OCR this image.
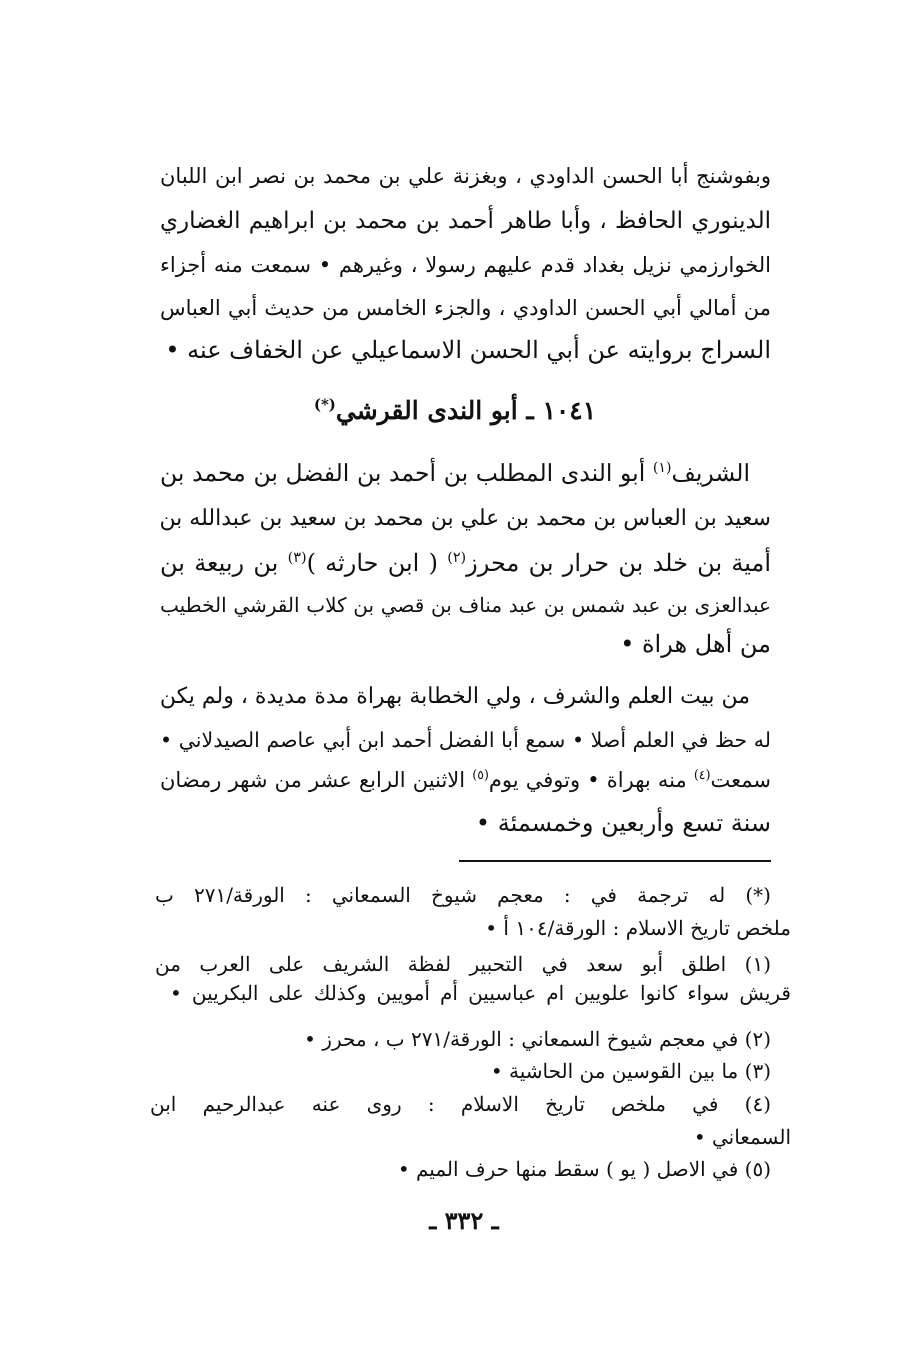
وبفوشنج أبا الحسن الداودي ، وبغزنة علي بن محمد بن نصر ابن اللبان
الدينوري الحافظ ، وأبا طاهر أحمد بن محمد بن ابراهيم الغضاري
الخوارزمي نزيل بغداد قدم عليهم رسولا ، وغيرهم • سمعت منه أجزاء
من أمالي أبي الحسن الداودي ، والجزء الخامس من حديث أبي العباس
السراج بروايته عن أبي الحسن الاسماعيلي عن الخفاف عنه •
١٠٤١ ـ أبو الندى القرشي(*)
الشريف$^{(١)}$ أبو الندى المطلب بن أحمد بن الفضل بن محمد بن
سعيد بن العباس بن محمد بن علي بن محمد بن سعيد بن عبدالله بن
أمية بن خلد بن حرار بن محرز$^{(٢)}$ ( ابن حارثه )$^{(٣)}$ بن ربيعة بن
عبدالعزى بن عبد شمس بن عبد مناف بن قصي بن كلاب القرشي الخطيب
من أهل هراة •
من بيت العلم والشرف ، ولي الخطابة بهراة مدة مديدة ، ولم يكن
له حظ في العلم أصلا • سمع أبا الفضل أحمد ابن أبي عاصم الصيدلاني •
سمعت$^{(٤)}$ منه بهراة • وتوفي يوم$^{(٥)}$ الاثنين الرابع عشر من شهر رمضان
سنة تسع وأربعين وخمسمئة •
(*) له ترجمة في : معجم شيوخ السمعاني : الورقة/٢٧١ ب
ملخص تاريخ الاسلام : الورقة/١٠٤ أ •
(١) اطلق أبو سعد في التحبير لفظة الشريف على العرب من
قريش سواء كانوا علويين ام عباسيين أم أمويين وكذلك على البكريين •
(٢) في معجم شيوخ السمعاني : الورقة/٢٧١ ب ، محرز •
(٣) ما بين القوسين من الحاشية •
(٤) في ملخص تاريخ الاسلام : روى عنه عبدالرحيم ابن
السمعاني •
(٥) في الاصل ( يو ) سقط منها حرف الميم •
ـ ٣٣٢ ـ
